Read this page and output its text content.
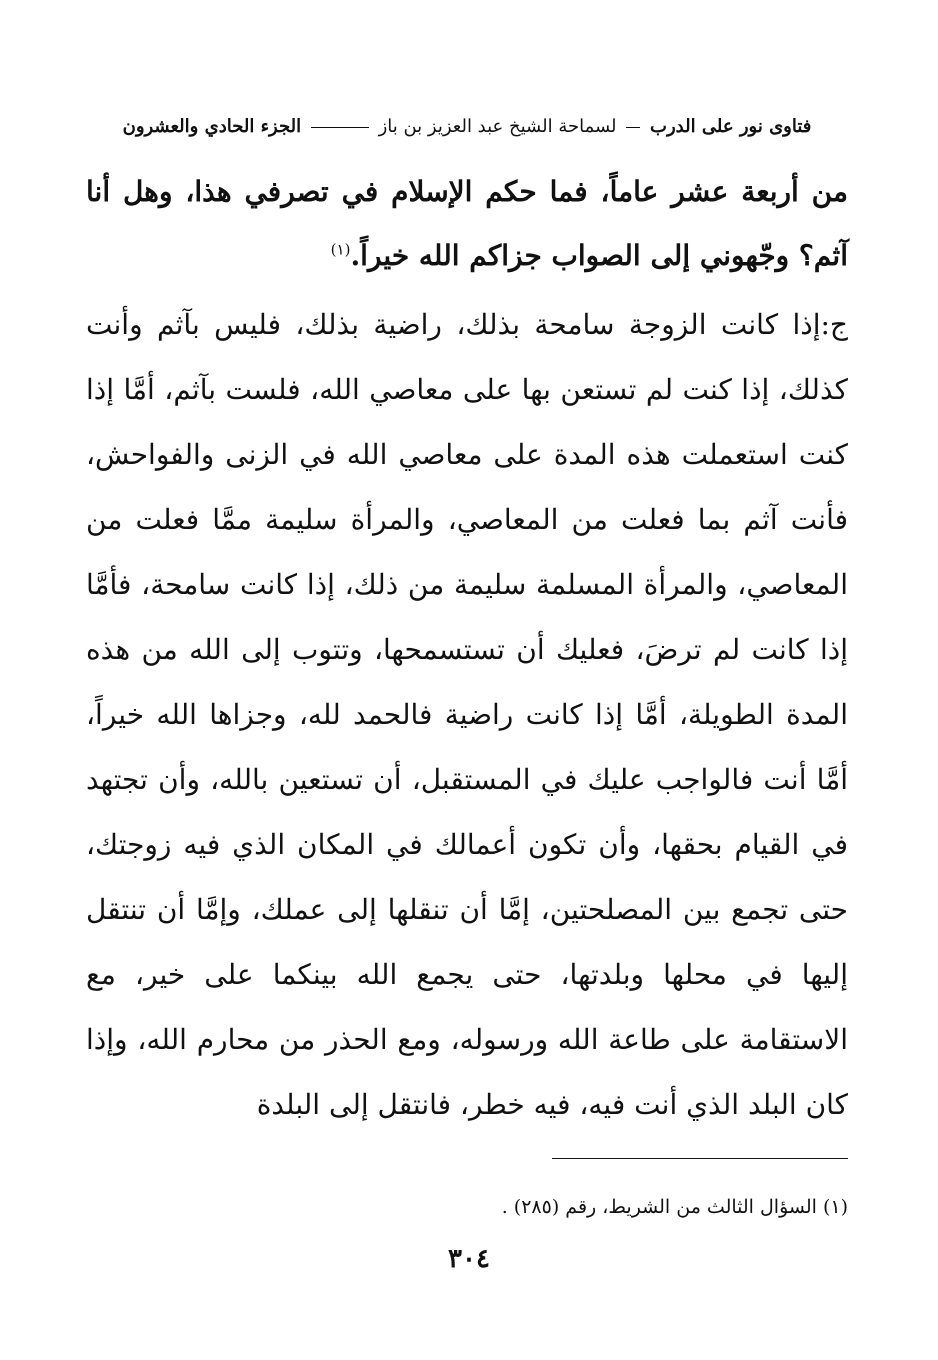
فتاوى نور على الدرب  لسماحة الشيخ عبد العزيز بن باز  الجزء الحادي والعشرون
من أربعة عشر عاماً، فما حكم الإسلام في تصرفي هذا، وهل أنا آثم؟ وجّهوني إلى الصواب جزاكم الله خيراً.$^{(١)}$

ج:إذا كانت الزوجة سامحة بذلك، راضية بذلك، فليس بآثم وأنت كذلك، إذا كنت لم تستعن بها على معاصي الله، فلست بآثم، أمَّا إذا كنت استعملت هذه المدة على معاصي الله في الزنى والفواحش، فأنت آثم بما فعلت من المعاصي، والمرأة سليمة ممَّا فعلت من المعاصي، والمرأة المسلمة سليمة من ذلك، إذا كانت سامحة، فأمَّا إذا كانت لم ترضَ، فعليك أن تستسمحها، وتتوب إلى الله من هذه المدة الطويلة، أمَّا إذا كانت راضية فالحمد لله، وجزاها الله خيراً، أمَّا أنت فالواجب عليك في المستقبل، أن تستعين بالله، وأن تجتهد في القيام بحقها، وأن تكون أعمالك في المكان الذي فيه زوجتك، حتى تجمع بين المصلحتين، إمَّا أن تنقلها إلى عملك، وإمَّا أن تنتقل إليها في محلها وبلدتها، حتى يجمع الله بينكما على خير، مع الاستقامة على طاعة الله ورسوله، ومع الحذر من محارم الله، وإذا كان البلد الذي أنت فيه، فيه خطر، فانتقل إلى البلدة

(١) السؤال الثالث من الشريط، رقم (٢٨٥) .
٣٠٤
